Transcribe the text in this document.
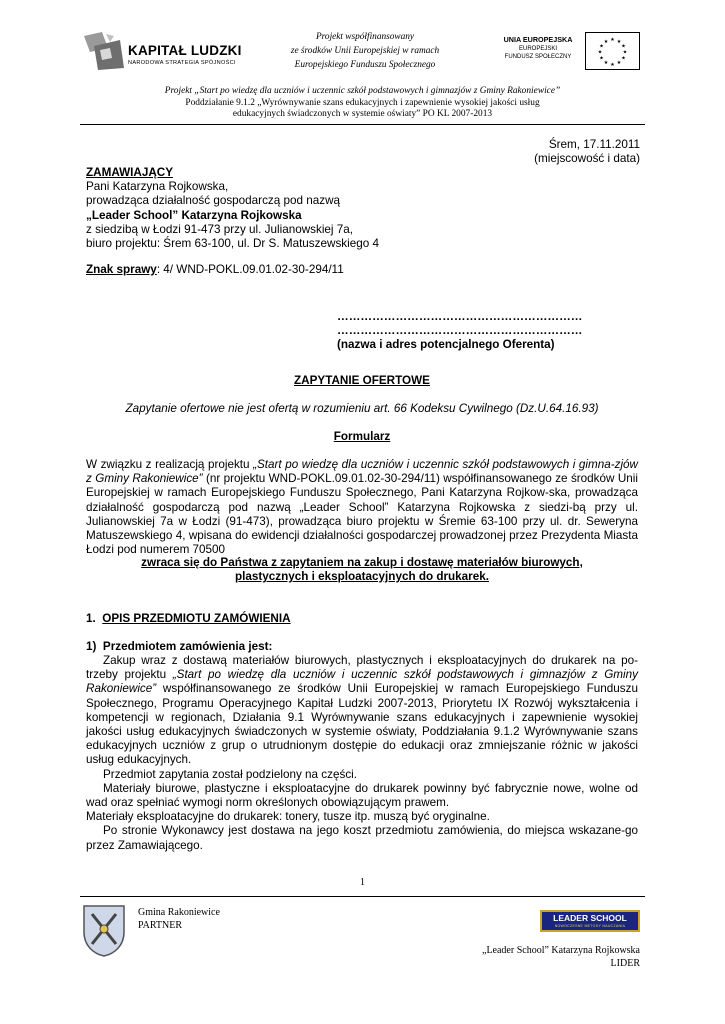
KAPITAŁ LUDZKI
NARODOWA STRATEGIA SPÓJNOŚCI
Projekt współfinansowany
ze środków Unii Europejskiej w ramach
Europejskiego Funduszu Społecznego
UNIA EUROPEJSKA
EUROPEJSKI
FUNDUSZ SPOŁECZNY
★ ★
★
★
★
★
★
★
★
★
★
★
Projekt „Start po wiedzę dla uczniów i uczennic szkół podstawowych i gimnazjów z Gminy Rakoniewice”
Poddziałanie 9.1.2 „Wyrównywanie szans edukacyjnych i zapewnienie wysokiej jakości usług
edukacyjnych świadczonych w systemie oświaty” PO KL 2007-2013
Śrem, 17.11.2011
(miejscowość i data)
ZAMAWIAJĄCY
Pani Katarzyna Rojkowska,
prowadząca działalność gospodarczą pod nazwą
„Leader School” Katarzyna Rojkowska
z siedzibą w Łodzi 91-473 przy ul. Julianowskiej 7a,
biuro projektu: Śrem 63-100, ul. Dr S. Matuszewskiego 4
Znak sprawy: 4/ WND-POKL.09.01.02-30-294/11
………………………………………………………
………………………………………………………
(nazwa i adres potencjalnego Oferenta)
ZAPYTANIE OFERTOWE
Zapytanie ofertowe nie jest ofertą w rozumieniu art. 66 Kodeksu Cywilnego (Dz.U.64.16.93)
Formularz
W związku z realizacją projektu „Start po wiedzę dla uczniów i uczennic szkół podstawowych i gimna-zjów z Gminy Rakoniewice” (nr projektu WND-POKL.09.01.02-30-294/11) współfinansowanego ze środków Unii Europejskiej w ramach Europejskiego Funduszu Społecznego, Pani Katarzyna Rojkow-ska, prowadząca działalność gospodarczą pod nazwą „Leader School” Katarzyna Rojkowska z siedzi-bą przy ul. Julianowskiej 7a w Łodzi (91-473), prowadząca biuro projektu w Śremie 63-100 przy ul. dr. Seweryna Matuszewskiego 4, wpisana do ewidencji działalności gospodarczej prowadzonej przez Prezydenta Miasta Łodzi pod numerem 70500
zwraca się do Państwa z zapytaniem na zakup i dostawę materiałów biurowych, plastycznych i eksploatacyjnych do drukarek.
1. OPIS PRZEDMIOTU ZAMÓWIENIA
1) Przedmiotem zamówienia jest:
Zakup wraz z dostawą materiałów biurowych, plastycznych i eksploatacyjnych do drukarek na po-trzeby projektu „Start po wiedzę dla uczniów i uczennic szkół podstawowych i gimnazjów z Gminy Rakoniewice” współfinansowanego ze środków Unii Europejskiej w ramach Europejskiego Funduszu Społecznego, Programu Operacyjnego Kapitał Ludzki 2007-2013, Priorytetu IX Rozwój wykształcenia i kompetencji w regionach, Działania 9.1 Wyrównywanie szans edukacyjnych i zapewnienie wysokiej jakości usług edukacyjnych świadczonych w systemie oświaty, Poddziałania 9.1.2 Wyrównywanie szans edukacyjnych uczniów z grup o utrudnionym dostępie do edukacji oraz zmniejszanie różnic w jakości usług edukacyjnych.
Przedmiot zapytania został podzielony na części.
Materiały biurowe, plastyczne i eksploatacyjne do drukarek powinny być fabrycznie nowe, wolne od wad oraz spełniać wymogi norm określonych obowiązującym prawem.
Materiały eksploatacyjne do drukarek: tonery, tusze itp. muszą być oryginalne.
Po stronie Wykonawcy jest dostawa na jego koszt przedmiotu zamówienia, do miejsca wskazane-go przez Zamawiającego.
1
Gmina Rakoniewice
PARTNER
LEADER SCHOOL
NOWOCZESNE METODY NAUCZANIA
„Leader School” Katarzyna Rojkowska
LIDER
